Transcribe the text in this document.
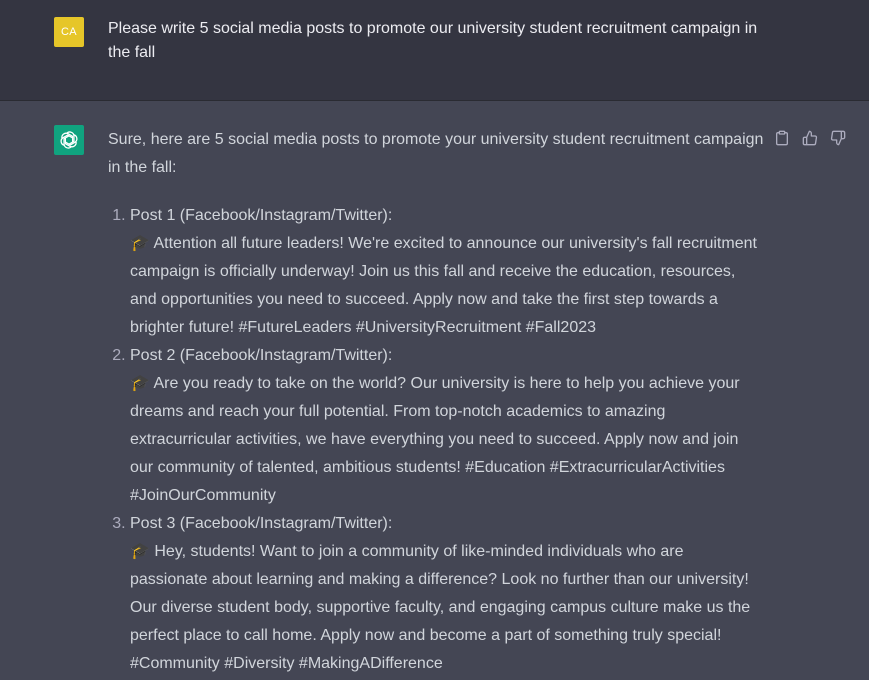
CA	Please write 5 social media posts to promote our university student recruitment campaign in the fall

Sure, here are 5 social media posts to promote your university student recruitment campaign in the fall:

1. Post 1 (Facebook/Instagram/Twitter):
🎓 Attention all future leaders! We're excited to announce our university's fall recruitment campaign is officially underway! Join us this fall and receive the education, resources, and opportunities you need to succeed. Apply now and take the first step towards a brighter future! #FutureLeaders #UniversityRecruitment #Fall2023
2. Post 2 (Facebook/Instagram/Twitter):
🎓 Are you ready to take on the world? Our university is here to help you achieve your dreams and reach your full potential. From top-notch academics to amazing extracurricular activities, we have everything you need to succeed. Apply now and join our community of talented, ambitious students! #Education #ExtracurricularActivities #JoinOurCommunity
3. Post 3 (Facebook/Instagram/Twitter):
🎓 Hey, students! Want to join a community of like-minded individuals who are passionate about learning and making a difference? Look no further than our university! Our diverse student body, supportive faculty, and engaging campus culture make us the perfect place to call home. Apply now and become a part of something truly special! #Community #Diversity #MakingADifference
